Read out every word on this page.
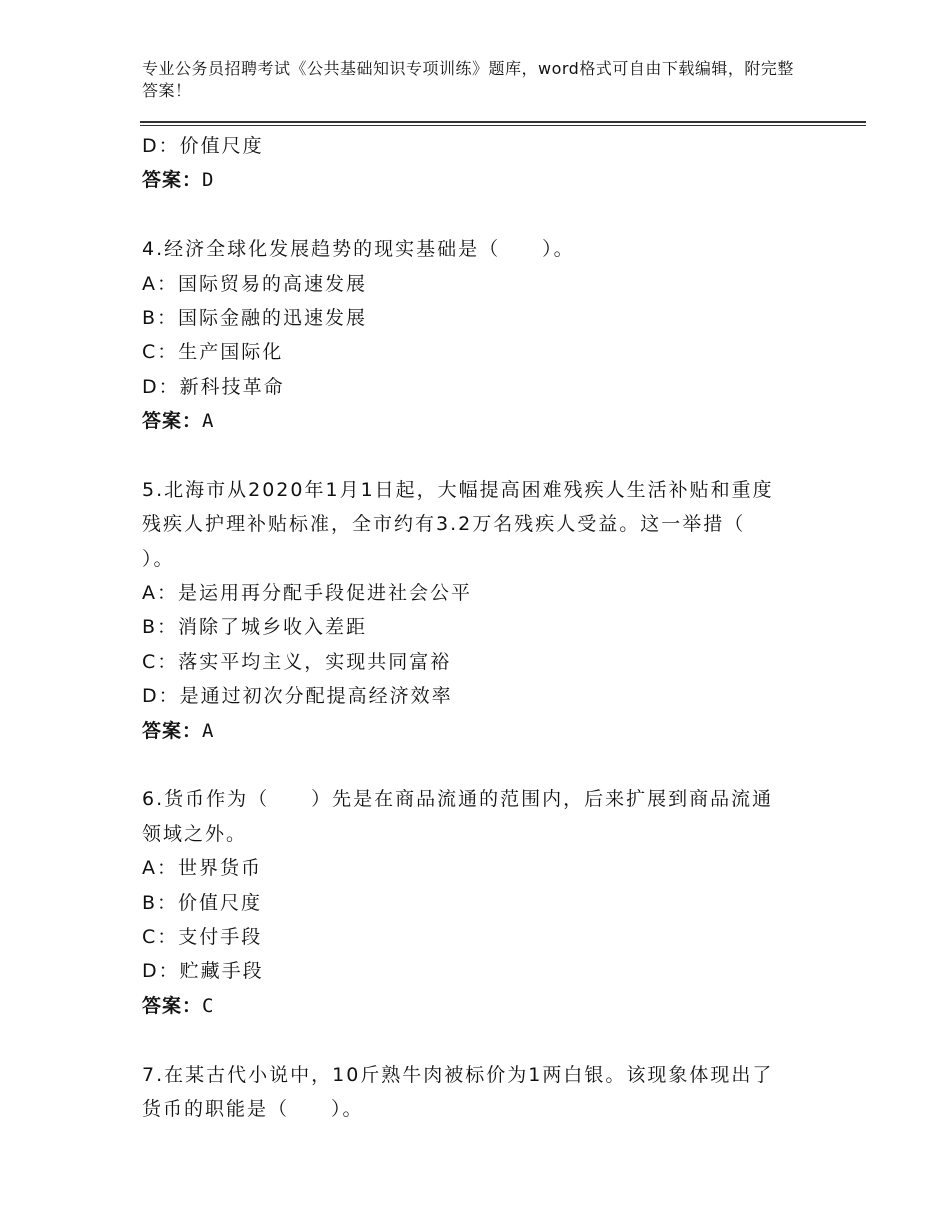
专业公务员招聘考试《公共基础知识专项训练》题库，word格式可自由下载编辑，附完整答案！
D：价值尺度
答案：D
4.经济全球化发展趋势的现实基础是（　　）。
A：国际贸易的高速发展
B：国际金融的迅速发展
C：生产国际化
D：新科技革命
答案：A
5.北海市从2020年1月1日起，大幅提高困难残疾人生活补贴和重度
残疾人护理补贴标准，全市约有3.2万名残疾人受益。这一举措（
）。
A：是运用再分配手段促进社会公平
B：消除了城乡收入差距
C：落实平均主义，实现共同富裕
D：是通过初次分配提高经济效率
答案：A
6.货币作为（　　）先是在商品流通的范围内，后来扩展到商品流通
领域之外。
A：世界货币
B：价值尺度
C：支付手段
D：贮藏手段
答案：C
7.在某古代小说中，10斤熟牛肉被标价为1两白银。该现象体现出了
货币的职能是（　　）。
